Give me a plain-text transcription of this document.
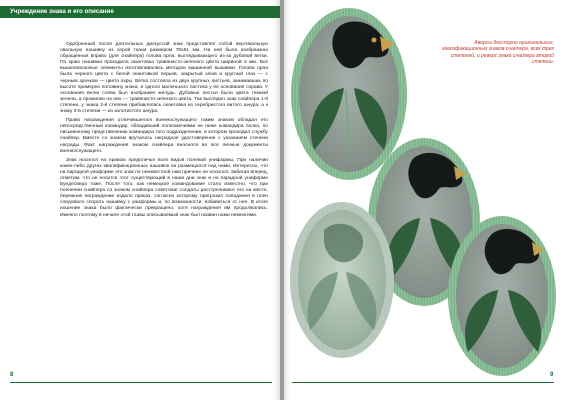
Учреждение знака и его описание

Одобренный после длительных дискуссий знак представлял собой вертикальную овальную нашивку из серой ткани размером 78х51 мм. На ней была изображена обращенная вправо (для снайпера) голова орла, выглядывающего из-за дубовой ветки. По краю нашивка проходила окантовка травянисто-зеленого цвета шириной 2 мм. Все вышеописанные элементы изготавливались методом машинной вышивки. Голова орла была черного цвета с белой окантовкой перьев, закрытый клюв и круглый глаз — с черным зрачком — цвета охры. Ветка состояла из двух крупных листьев, занимавших по высоте примерно половину знака, и одного маленького листика у ее основания справа. У основания ветки слева был изображен желудь. Дубовые листья были цвета темной зелени, а прожилки на них — травянисто-зеленого цвета. Так выглядел знак снайпера 1-й степени, у знака 2-й степени прибавлялась окантовка из серебристого витого шнура, а к знаку 3-й степени — из золотистого шнура.

Право награждения отличившегося военнослужащего таким знаком обладал его непосредственный командир, обладавший полномочиями не ниже командира полка, по письменному представлению командира того подразделения, в котором проходил службу снайпер. Вместе со знаком вручалось наградное удостоверение с указанием степени награды. Факт награждения знаком снайпера вносился во все личные документы военнослужащего.

Знак носился на правом предплечье всех видов полевой униформы. При наличии каких-либо других квалификационных нашивок он размещался над ними. Интересно, что на парадной униформе это знак по неизвестной нам причине не носился. Забегая вперед, отметим, что не носится этот существующий в наши дни знак и на парадной униформе Бундесвера тоже. После того, как немецкое командование стало известно, что при пленении снайпера со знаком снайпера советские солдаты расстреливают его на месте, бережное награждение издало приказ, согласно которому пригрозил попадания в плен следовало спороть нашивку с униформы и, по возможности, избавиться от нее. В итоге ношение знака было фактически прекращено, хотя награждения им продолжались. Именно поэтому в начале этой главы описываемый знак был назван нами немногими.

8
Аверсы бесспорно оригинальных, квалификационных знаков снайпера, всех трех степеней, и реверс знака снайпера второй степени.
9
